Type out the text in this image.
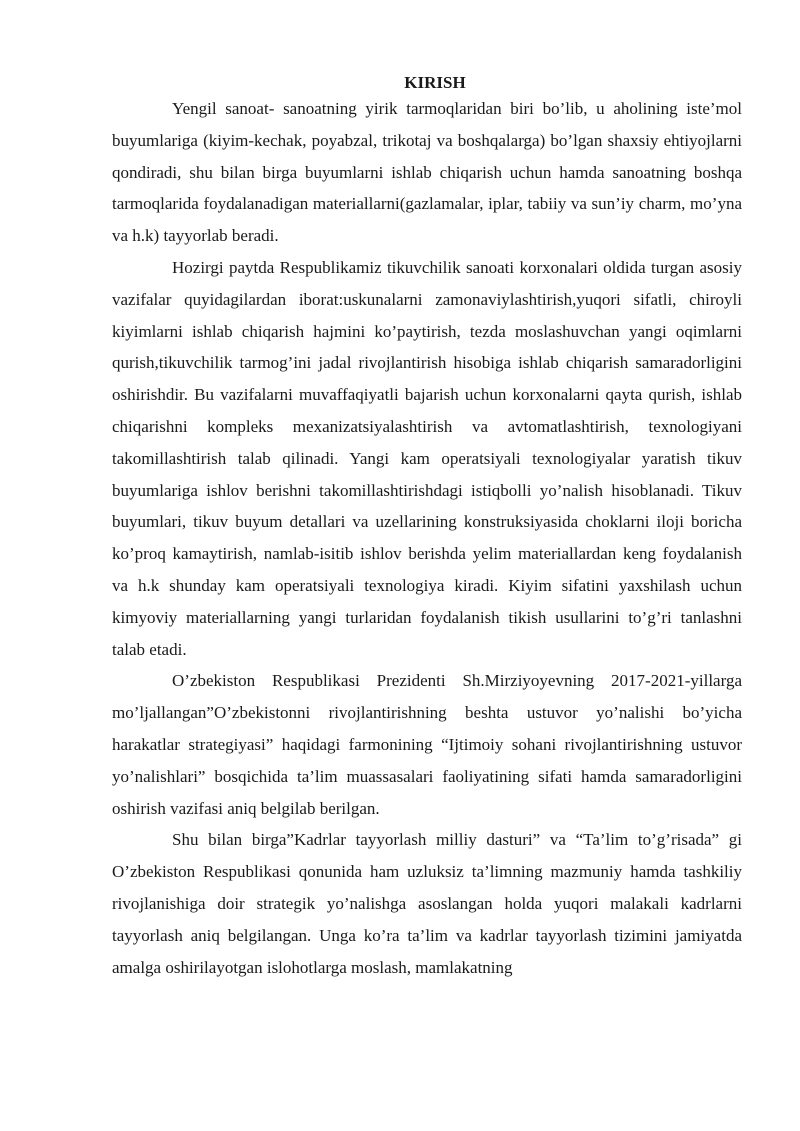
KIRISH

Yengil sanoat- sanoatning yirik tarmoqlaridan biri bo’lib, u aholining iste’mol buyumlariga (kiyim-kechak, poyabzal, trikotaj va boshqalarga) bo’lgan shaxsiy ehtiyojlarni qondiradi, shu bilan birga buyumlarni ishlab chiqarish uchun hamda sanoatning boshqa tarmoqlarida foydalanadigan materiallarni(gazlamalar, iplar, tabiiy va sun’iy charm, mo’yna va h.k) tayyorlab beradi.

Hozirgi paytda Respublikamiz tikuvchilik sanoati korxonalari oldida turgan asosiy vazifalar quyidagilardan iborat:uskunalarni zamonaviylashtirish,yuqori sifatli, chiroyli kiyimlarni ishlab chiqarish hajmini ko’paytirish, tezda moslashuvchan yangi oqimlarni qurish,tikuvchilik tarmog’ini jadal rivojlantirish hisobiga ishlab chiqarish samaradorligini oshirishdir. Bu vazifalarni muvaffaqiyatli bajarish uchun korxonalarni qayta qurish, ishlab chiqarishni kompleks mexanizatsiyalashtirish va avtomatlashtirish, texnologiyani takomillashtirish talab qilinadi. Yangi kam operatsiyali texnologiyalar yaratish tikuv buyumlariga ishlov berishni takomillashtirishdagi istiqbolli yo’nalish hisoblanadi. Tikuv buyumlari, tikuv buyum detallari va uzellarining konstruksiyasida choklarni iloji boricha ko’proq kamaytirish, namlab-isitib ishlov berishda yelim materiallardan keng foydalanish va h.k shunday kam operatsiyali texnologiya kiradi. Kiyim sifatini yaxshilash uchun kimyoviy materiallarning yangi turlaridan foydalanish tikish usullarini to’g’ri tanlashni talab etadi.

O’zbekiston Respublikasi Prezidenti Sh.Mirziyoyevning 2017-2021-yillarga mo’ljallangan”O’zbekistonni rivojlantirishning beshta ustuvor yo’nalishi bo’yicha harakatlar strategiyasi” haqidagi farmonining “Ijtimoiy sohani rivojlantirishning ustuvor yo’nalishlari” bosqichida ta’lim muassasalari faoliyatining sifati hamda samaradorligini oshirish vazifasi aniq belgilab berilgan.

Shu bilan birga”Kadrlar tayyorlash milliy dasturi” va “Ta’lim to’g’risada” gi O’zbekiston Respublikasi qonunida ham uzluksiz ta’limning mazmuniy hamda tashkiliy rivojlanishiga doir strategik yo’nalishga asoslangan holda yuqori malakali kadrlarni tayyorlash aniq belgilangan. Unga ko’ra ta’lim va kadrlar tayyorlash tizimini jamiyatda amalga oshirilayotgan islohotlarga moslash, mamlakatning
